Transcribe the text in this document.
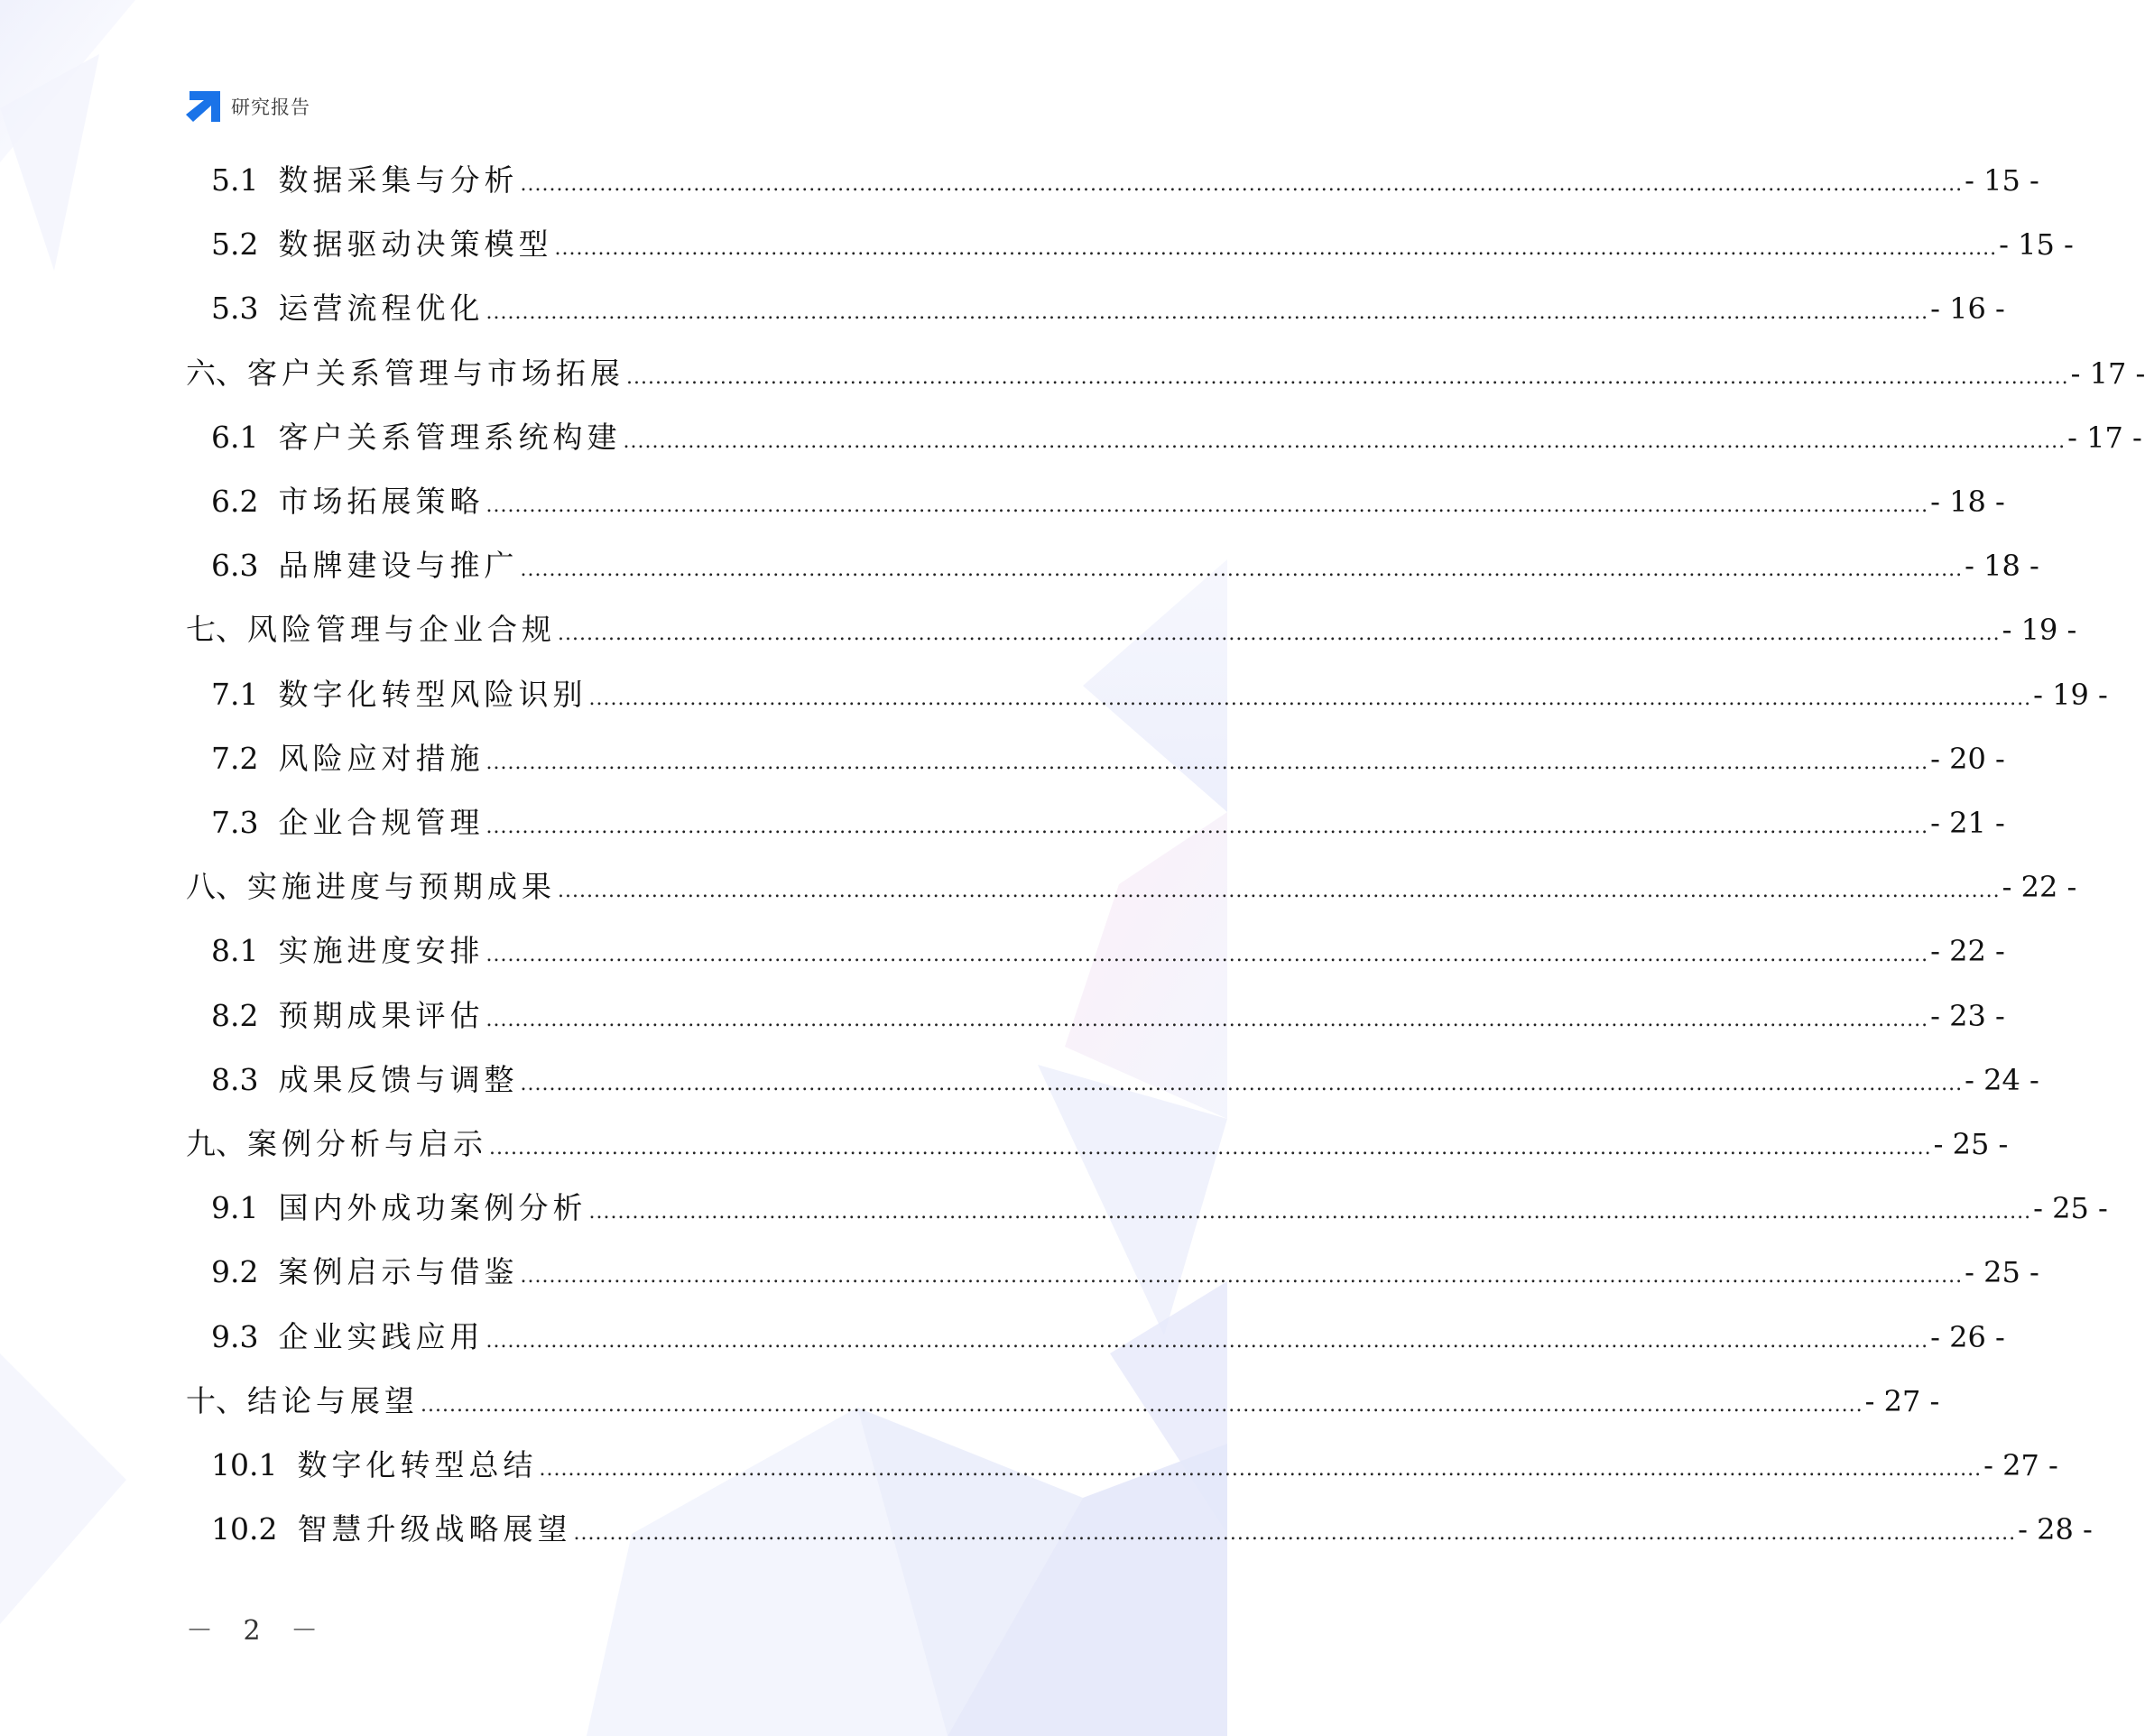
研究报告
5.1 数据采集与分析 ........................................................................................................................................................................................................ - 15 -
5.2 数据驱动决策模型 ........................................................................................................................................................................................................ - 15 -
5.3 运营流程优化 ........................................................................................................................................................................................................ - 16 -
六、 客户关系管理与市场拓展 ........................................................................................................................................................................................................ - 17 -
6.1 客户关系管理系统构建 ........................................................................................................................................................................................................ - 17 -
6.2 市场拓展策略 ........................................................................................................................................................................................................ - 18 -
6.3 品牌建设与推广 ........................................................................................................................................................................................................ - 18 -
七、 风险管理与企业合规 ........................................................................................................................................................................................................ - 19 -
7.1 数字化转型风险识别 ........................................................................................................................................................................................................ - 19 -
7.2 风险应对措施 ........................................................................................................................................................................................................ - 20 -
7.3 企业合规管理 ........................................................................................................................................................................................................ - 21 -
八、 实施进度与预期成果 ........................................................................................................................................................................................................ - 22 -
8.1 实施进度安排 ........................................................................................................................................................................................................ - 22 -
8.2 预期成果评估 ........................................................................................................................................................................................................ - 23 -
8.3 成果反馈与调整 ........................................................................................................................................................................................................ - 24 -
九、 案例分析与启示 ........................................................................................................................................................................................................ - 25 -
9.1 国内外成功案例分析 ........................................................................................................................................................................................................ - 25 -
9.2 案例启示与借鉴 ........................................................................................................................................................................................................ - 25 -
9.3 企业实践应用 ........................................................................................................................................................................................................ - 26 -
十、 结论与展望 ........................................................................................................................................................................................................ - 27 -
10.1 数字化转型总结 ........................................................................................................................................................................................................ - 27 -
10.2 智慧升级战略展望 ........................................................................................................................................................................................................ - 28 -
－ 2 －
